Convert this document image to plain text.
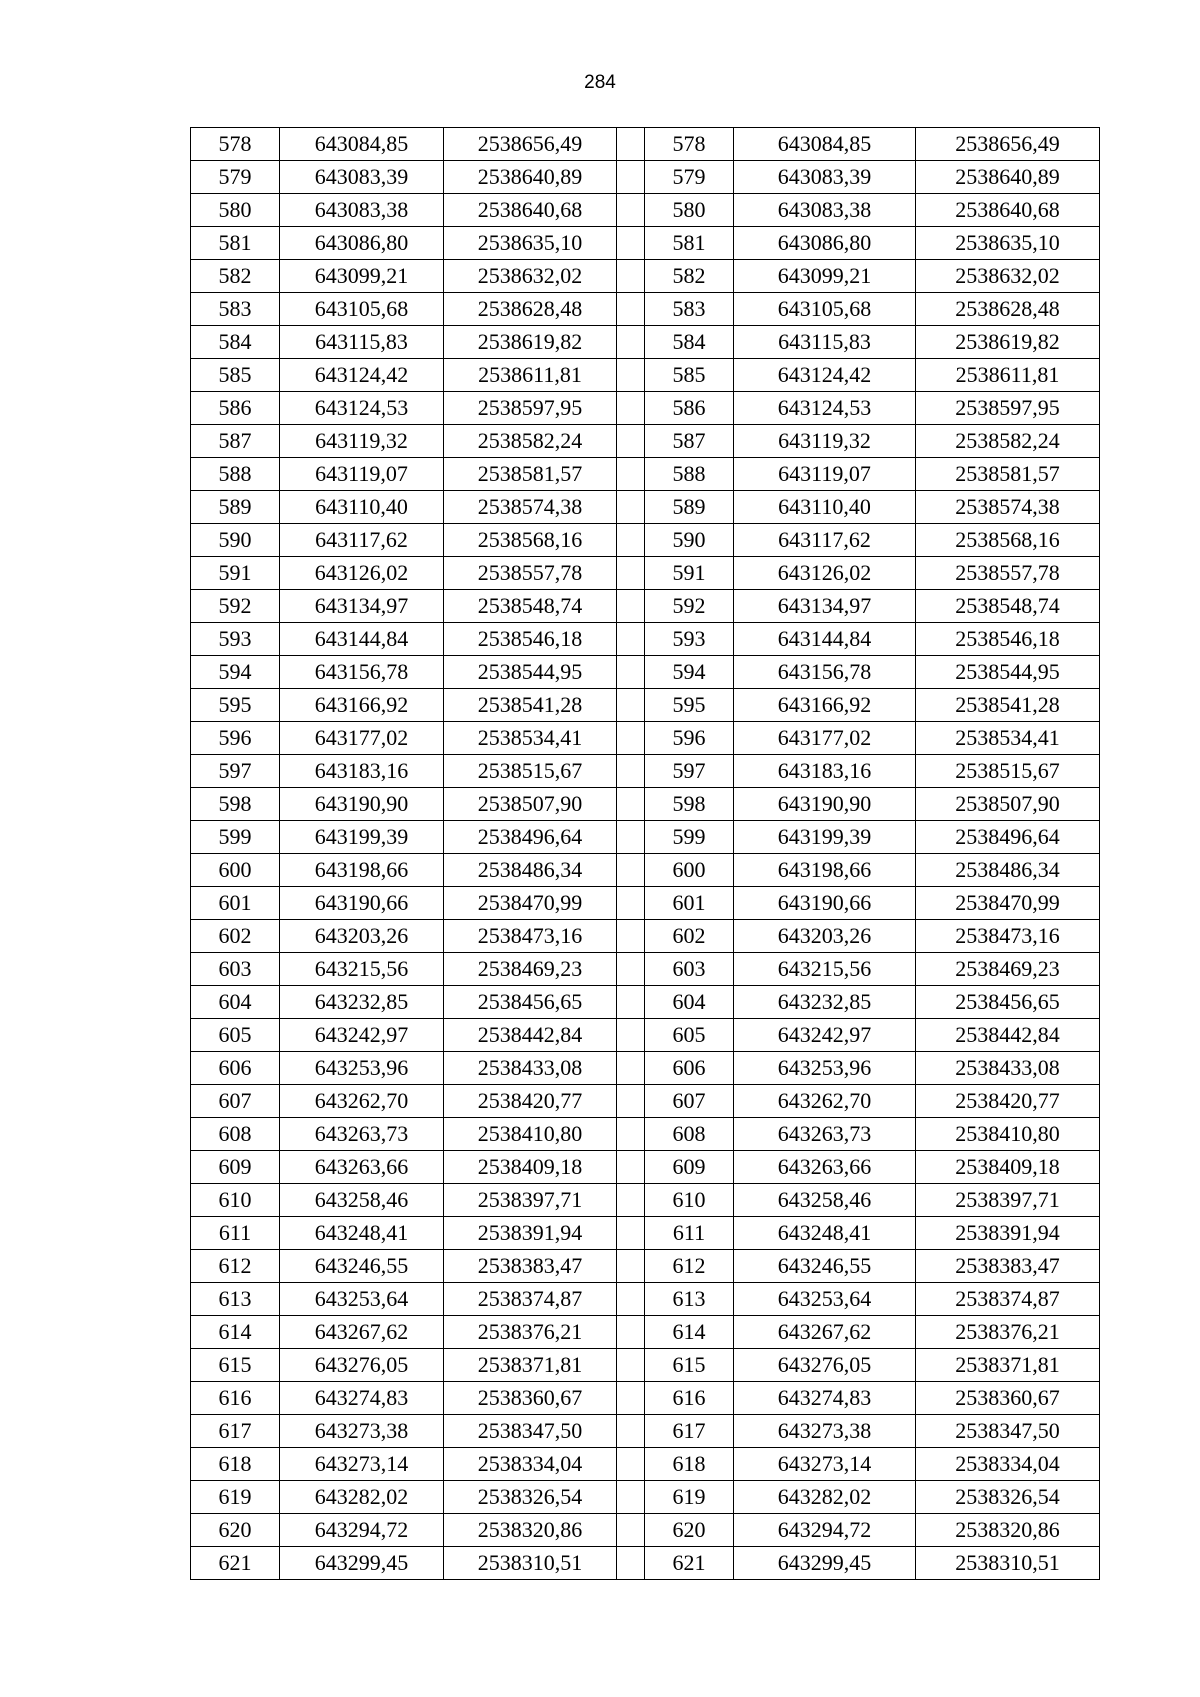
284
578	643084,85	2538656,49		578	643084,85	2538656,49
579	643083,39	2538640,89		579	643083,39	2538640,89
580	643083,38	2538640,68		580	643083,38	2538640,68
581	643086,80	2538635,10		581	643086,80	2538635,10
582	643099,21	2538632,02		582	643099,21	2538632,02
583	643105,68	2538628,48		583	643105,68	2538628,48
584	643115,83	2538619,82		584	643115,83	2538619,82
585	643124,42	2538611,81		585	643124,42	2538611,81
586	643124,53	2538597,95		586	643124,53	2538597,95
587	643119,32	2538582,24		587	643119,32	2538582,24
588	643119,07	2538581,57		588	643119,07	2538581,57
589	643110,40	2538574,38		589	643110,40	2538574,38
590	643117,62	2538568,16		590	643117,62	2538568,16
591	643126,02	2538557,78		591	643126,02	2538557,78
592	643134,97	2538548,74		592	643134,97	2538548,74
593	643144,84	2538546,18		593	643144,84	2538546,18
594	643156,78	2538544,95		594	643156,78	2538544,95
595	643166,92	2538541,28		595	643166,92	2538541,28
596	643177,02	2538534,41		596	643177,02	2538534,41
597	643183,16	2538515,67		597	643183,16	2538515,67
598	643190,90	2538507,90		598	643190,90	2538507,90
599	643199,39	2538496,64		599	643199,39	2538496,64
600	643198,66	2538486,34		600	643198,66	2538486,34
601	643190,66	2538470,99		601	643190,66	2538470,99
602	643203,26	2538473,16		602	643203,26	2538473,16
603	643215,56	2538469,23		603	643215,56	2538469,23
604	643232,85	2538456,65		604	643232,85	2538456,65
605	643242,97	2538442,84		605	643242,97	2538442,84
606	643253,96	2538433,08		606	643253,96	2538433,08
607	643262,70	2538420,77		607	643262,70	2538420,77
608	643263,73	2538410,80		608	643263,73	2538410,80
609	643263,66	2538409,18		609	643263,66	2538409,18
610	643258,46	2538397,71		610	643258,46	2538397,71
611	643248,41	2538391,94		611	643248,41	2538391,94
612	643246,55	2538383,47		612	643246,55	2538383,47
613	643253,64	2538374,87		613	643253,64	2538374,87
614	643267,62	2538376,21		614	643267,62	2538376,21
615	643276,05	2538371,81		615	643276,05	2538371,81
616	643274,83	2538360,67		616	643274,83	2538360,67
617	643273,38	2538347,50		617	643273,38	2538347,50
618	643273,14	2538334,04		618	643273,14	2538334,04
619	643282,02	2538326,54		619	643282,02	2538326,54
620	643294,72	2538320,86		620	643294,72	2538320,86
621	643299,45	2538310,51		621	643299,45	2538310,51
